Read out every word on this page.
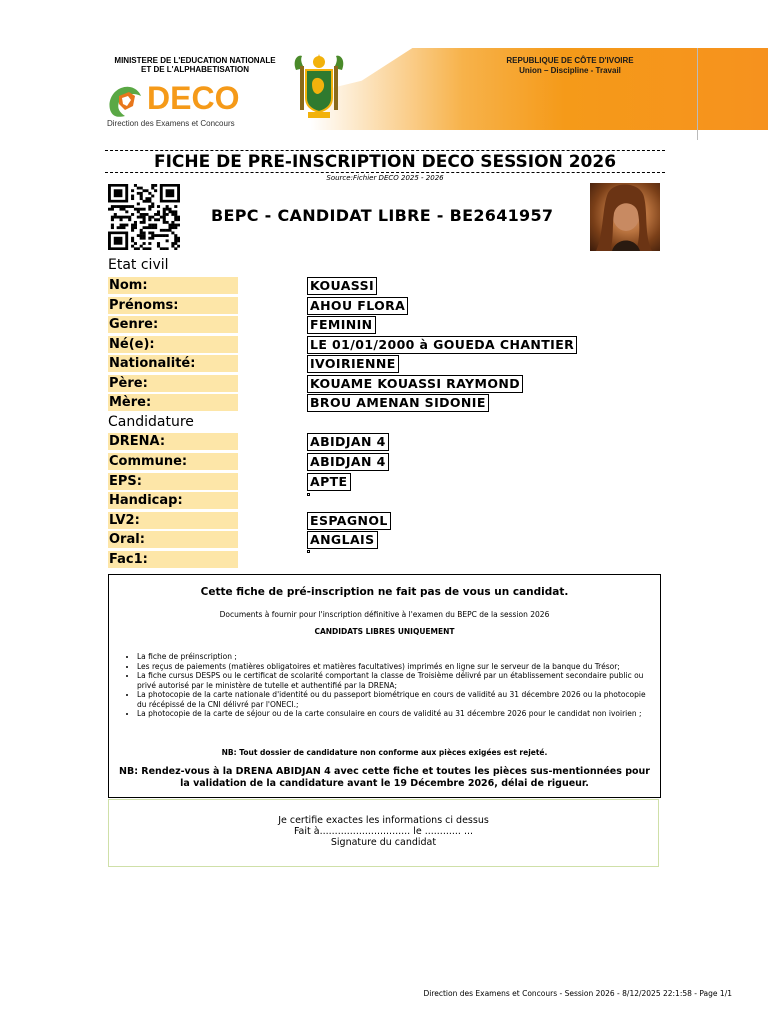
MINISTERE DE L'EDUCATION NATIONALE
ET DE L'ALPHABETISATION
DECO
Direction des Examens et Concours
REPUBLIQUE DE CÔTE D'IVOIRE
Union – Discipline - Travail
FICHE DE PRE-INSCRIPTION DECO SESSION 2026
Source:Fichier DECO 2025 - 2026
BEPC - CANDIDAT LIBRE - BE2641957
Etat civil
Nom:	KOUASSI
Prénoms:	AHOU FLORA
Genre:	FEMININ
Né(e):	LE 01/01/2000 à GOUEDA CHANTIER
Nationalité:	IVOIRIENNE
Père:	KOUAME KOUASSI RAYMOND
Mère:	BROU AMENAN SIDONIE
Candidature
DRENA:	ABIDJAN 4
Commune:	ABIDJAN 4
EPS:	APTE
Handicap:
LV2:	ESPAGNOL
Oral:	ANGLAIS
Fac1:
Cette fiche de pré-inscription ne fait pas de vous un candidat.
Documents à fournir pour l'inscription définitive à l'examen du BEPC de la session 2026
CANDIDATS LIBRES UNIQUEMENT
• La fiche de préinscription ;
• Les reçus de paiements (matières obligatoires et matières facultatives) imprimés en ligne sur le serveur de la banque du Trésor;
• La fiche cursus DESPS ou le certificat de scolarité comportant la classe de Troisième délivré par un établissement secondaire public ou privé autorisé par le ministère de tutelle et authentifié par la DRENA;
• La photocopie de la carte nationale d'identité ou du passeport biométrique en cours de validité au 31 décembre 2026 ou la photocopie du récépissé de la CNI délivré par l'ONECI.;
• La photocopie de la carte de séjour ou de la carte consulaire en cours de validité au 31 décembre 2026 pour le candidat non ivoirien ;
NB: Tout dossier de candidature non conforme aux pièces exigées est rejeté.
NB: Rendez-vous à la DRENA ABIDJAN 4 avec cette fiche et toutes les pièces sus-mentionnées pour la validation de la candidature avant le 19 Décembre 2026, délai de rigueur.
Je certifie exactes les informations ci dessus
Fait à.............................. le ............ ...
Signature du candidat
Direction des Examens et Concours - Session 2026 - 8/12/2025 22:1:58 - Page 1/1
